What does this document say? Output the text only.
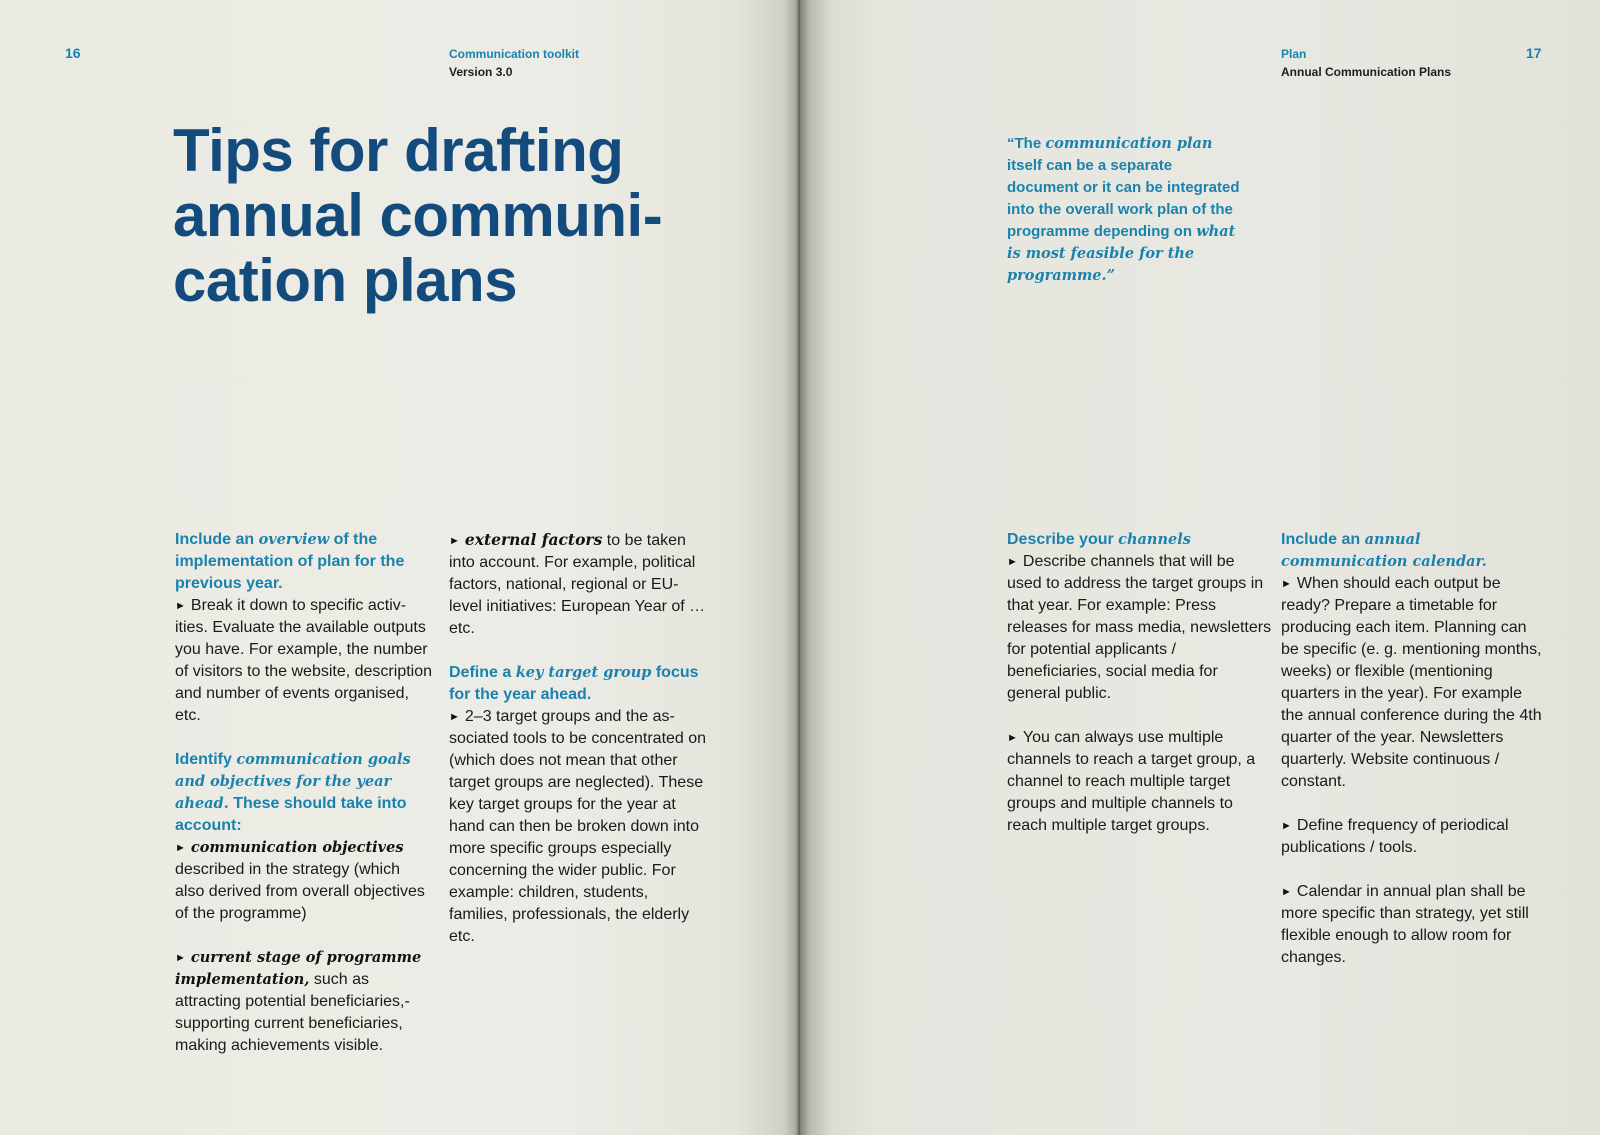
16	Communication toolkit
Version 3.0
Tips for drafting
annual communi-
cation plans

Include an overview of the implementation of plan for the previous year.
► Break it down to specific activities. Evaluate the available outputs you have. For example, the number of visitors to the website, description and number of events organised, etc.

Identify communication goals and objectives for the year ahead. These should take into account:
► communication objectives described in the strategy (which also derived from overall objectives of the programme)

► current stage of programme implementation, such as attracting potential beneficiaries,- supporting current beneficiaries, making achievements visible.

► external factors to be taken into account. For example, political factors, national, regional or EU-level initiatives: European Year of … etc.

Define a key target group focus for the year ahead.
► 2–3 target groups and the associated tools to be concentrated on (which does not mean that other target groups are neglected). These key target groups for the year at hand can then be broken down into more specific groups especially concerning the wider public. For example: children, students, families, professionals, the elderly etc.

17
Plan
Annual Communication Plans

“The communication plan itself can be a separate document or it can be integrated into the overall work plan of the programme depending on what is most feasible for the programme.”

Describe your channels
► Describe channels that will be used to address the target groups in that year. For example: Press releases for mass media, newsletters for potential applicants / beneficiaries, social media for general public.

► You can always use multiple channels to reach a target group, a channel to reach multiple target groups and multiple channels to reach multiple target groups.

Include an annual communication calendar.
► When should each output be ready? Prepare a timetable for producing each item. Planning can be specific (e. g. mentioning months, weeks) or flexible (mentioning quarters in the year). For example the annual conference during the 4th quarter of the year. Newsletters quarterly. Website continuous / constant.

► Define frequency of periodical publications / tools.

► Calendar in annual plan shall be more specific than strategy, yet still flexible enough to allow room for changes.
